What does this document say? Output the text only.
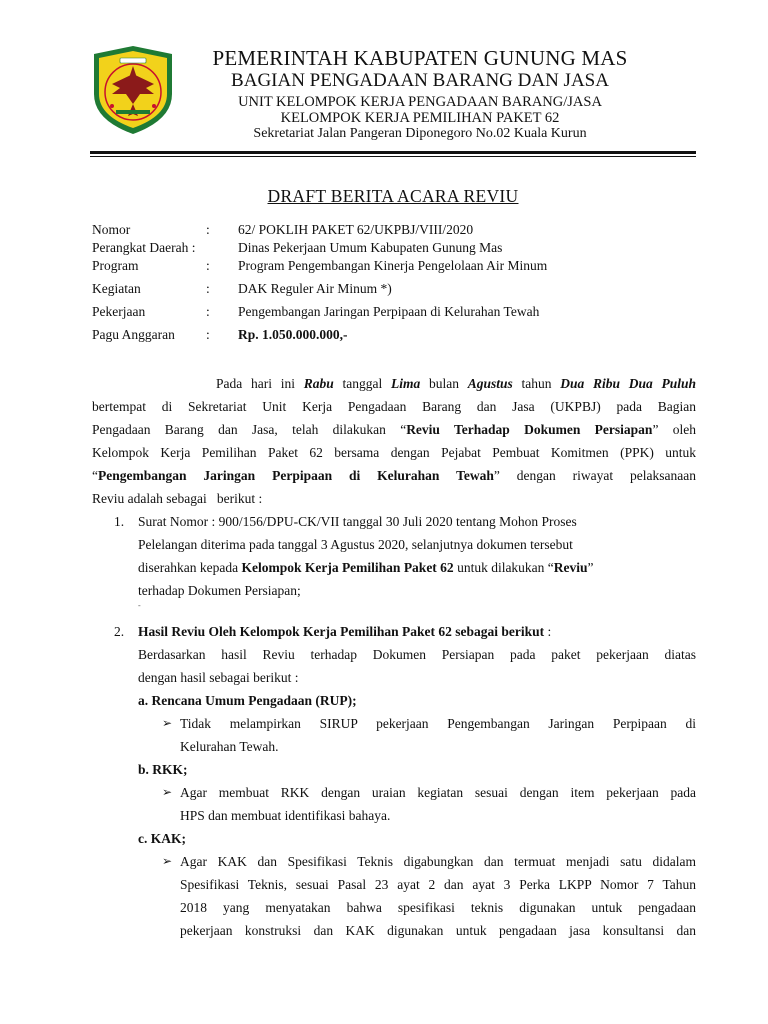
PEMERINTAH KABUPATEN GUNUNG MAS
BAGIAN PENGADAAN BARANG DAN JASA
UNIT KELOMPOK KERJA PENGADAAN BARANG/JASA
KELOMPOK KERJA PEMILIHAN PAKET 62
Sekretariat Jalan Pangeran Diponegoro No.02 Kuala Kurun
DRAFT BERITA ACARA REVIU
Nomor	: 62/ POKLIH PAKET 62/UKPBJ/VIII/2020
Perangkat Daerah :	Dinas Pekerjaan Umum Kabupaten Gunung Mas
Program	: Program Pengembangan Kinerja Pengelolaan Air Minum
Kegiatan	: DAK Reguler Air Minum *)
Pekerjaan	: Pengembangan Jaringan Perpipaan di Kelurahan Tewah
Pagu Anggaran : Rp. 1.050.000.000,-
Pada hari ini Rabu tanggal Lima bulan Agustus tahun Dua Ribu Dua Puluh
bertempat di Sekretariat Unit Kerja Pengadaan Barang dan Jasa (UKPBJ) pada Bagian
Pengadaan Barang dan Jasa, telah dilakukan “Reviu Terhadap Dokumen Persiapan” oleh
Kelompok Kerja Pemilihan Paket 62 bersama dengan Pejabat Pembuat Komitmen (PPK) untuk
“Pengembangan Jaringan Perpipaan di Kelurahan Tewah” dengan riwayat pelaksanaan
Reviu adalah sebagai   berikut :
1. Surat Nomor : 900/156/DPU-CK/VII tanggal 30 Juli 2020 tentang Mohon Proses
Pelelangan diterima pada tanggal 3 Agustus 2020, selanjutnya dokumen tersebut
diserahkan kepada Kelompok Kerja Pemilihan Paket 62 untuk dilakukan “Reviu”
terhadap Dokumen Persiapan;
-
2. Hasil Reviu Oleh Kelompok Kerja Pemilihan Paket 62 sebagai berikut :
Berdasarkan hasil Reviu terhadap Dokumen Persiapan pada paket pekerjaan diatas
dengan hasil sebagai berikut :
a. Rencana Umum Pengadaan (RUP);
➢ Tidak melampirkan SIRUP pekerjaan Pengembangan Jaringan Perpipaan di
Kelurahan Tewah.
b. RKK;
➢ Agar membuat RKK dengan uraian kegiatan sesuai dengan item pekerjaan pada
HPS dan membuat identifikasi bahaya.
c. KAK;
➢ Agar KAK dan Spesifikasi Teknis digabungkan dan termuat menjadi satu didalam
Spesifikasi Teknis, sesuai Pasal 23 ayat 2 dan ayat 3 Perka LKPP Nomor 7 Tahun
2018 yang menyatakan bahwa spesifikasi teknis digunakan untuk pengadaan
pekerjaan konstruksi dan KAK digunakan untuk pengadaan jasa konsultansi dan
